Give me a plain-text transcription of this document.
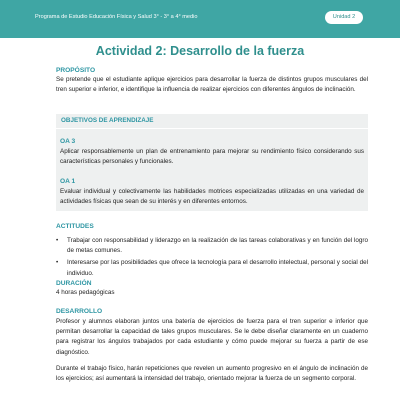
Programa de Estudio Educación Física y Salud 3° - 3° a 4° medio	Unidad 2
Actividad 2: Desarrollo de la fuerza
PROPÓSITO
Se pretende que el estudiante aplique ejercicios para desarrollar la fuerza de distintos grupos musculares del tren superior e inferior, e identifique la influencia de realizar ejercicios con diferentes ángulos de inclinación.
OBJETIVOS DE APRENDIZAJE
OA 3
Aplicar responsablemente un plan de entrenamiento para mejorar su rendimiento físico considerando sus características personales y funcionales.
OA 1
Evaluar individual y colectivamente las habilidades motrices especializadas utilizadas en una variedad de actividades físicas que sean de su interés y en diferentes entornos.
ACTITUDES
• Trabajar con responsabilidad y liderazgo en la realización de las tareas colaborativas y en función del logro de metas comunes.
• Interesarse por las posibilidades que ofrece la tecnología para el desarrollo intelectual, personal y social del individuo.
DURACIÓN
4 horas pedagógicas
DESARROLLO
Profesor y alumnos elaboran juntos una batería de ejercicios de fuerza para el tren superior e inferior que permitan desarrollar la capacidad de tales grupos musculares. Se le debe diseñar claramente en un cuaderno para registrar los ángulos trabajados por cada estudiante y cómo puede mejorar su fuerza a partir de ese diagnóstico.
Durante el trabajo físico, harán repeticiones que revelen un aumento progresivo en el ángulo de inclinación de los ejercicios; así aumentará la intensidad del trabajo, orientado mejorar la fuerza de un segmento corporal.
